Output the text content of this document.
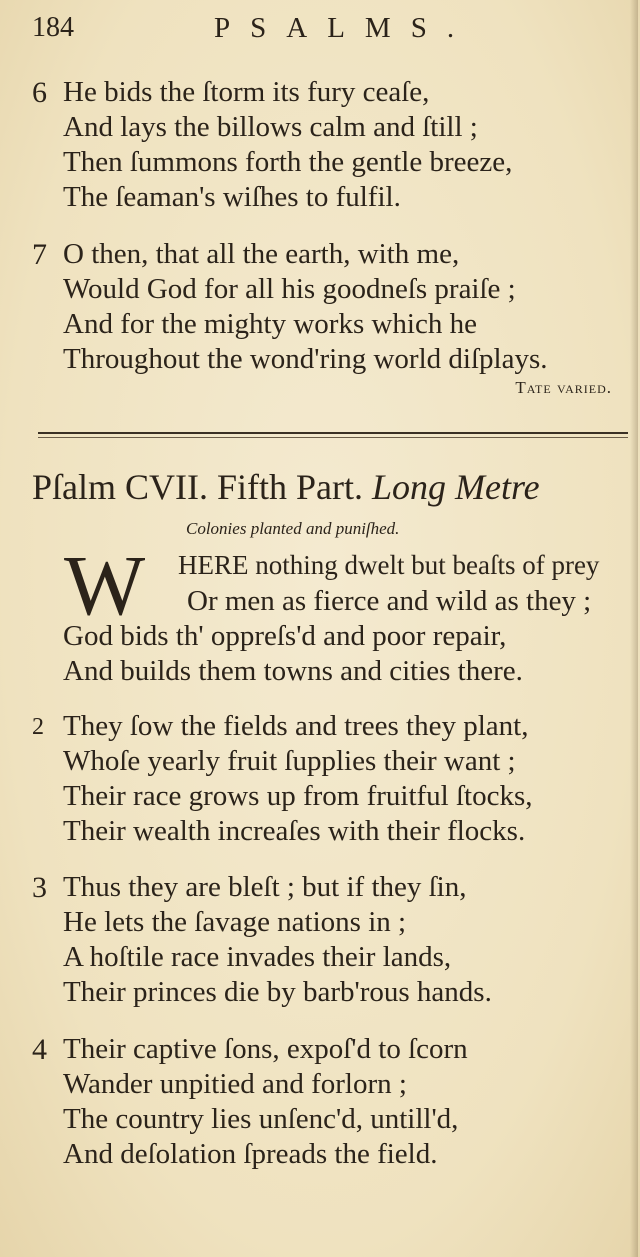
184	PSALMS.
6 He bids the ſtorm its fury ceaſe,
And lays the billows calm and ſtill ;
Then ſummons forth the gentle breeze,
The ſeaman's wiſhes to fulfil.
7 O then, that all the earth, with me,
Would God for all his goodneſs praiſe ;
And for the mighty works which he
Throughout the wond'ring world diſplays.
Tate varied.
Pſalm CVII. Fifth Part. Long Metre
Colonies planted and puniſhed.
W HERE nothing dwelt but beaſts of prey
Or men as fierce and wild as they ;
God bids th' oppreſs'd and poor repair,
And builds them towns and cities there.
2 They ſow the fields and trees they plant,
Whoſe yearly fruit ſupplies their want ;
Their race grows up from fruitful ſtocks,
Their wealth increaſes with their flocks.
3 Thus they are bleſt ; but if they ſin,
He lets the ſavage nations in ;
A hoſtile race invades their lands,
Their princes die by barb'rous hands.
4 Their captive ſons, expoſ'd to ſcorn
Wander unpitied and forlorn ;
The country lies unſenc'd, untill'd,
And deſolation ſpreads the field.
